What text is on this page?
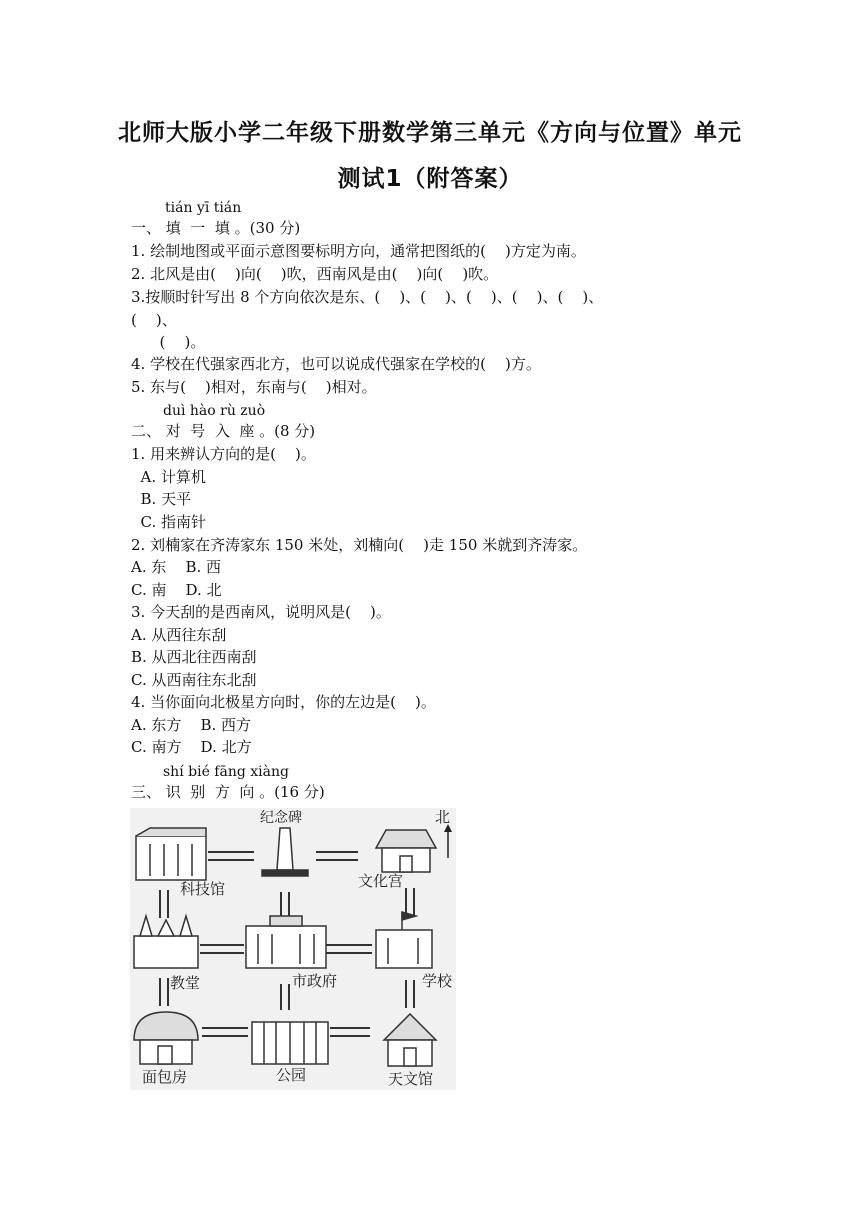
北师大版小学二年级下册数学第三单元《方向与位置》单元
测试1（附答案）
tián yī tián
一、 填  一  填 。(30 分)
1. 绘制地图或平面示意图要标明方向，通常把图纸的(    )方定为南。
2. 北风是由(    )向(    )吹，西南风是由(    )向(    )吹。
3.按顺时针写出 8 个方向依次是东、(    )、(    )、(    )、(    )、(    )、
(    )、
(    )。
4. 学校在代强家西北方，也可以说成代强家在学校的(    )方。
5. 东与(    )相对，东南与(    )相对。
duì hào rù zuò
二、 对  号  入  座 。(8 分)
1. 用来辨认方向的是(    )。
A. 计算机
B. 天平
C. 指南针
2. 刘楠家在齐涛家东 150 米处，刘楠向(    )走 150 米就到齐涛家。
A. 东    B. 西
C. 南    D. 北
3. 今天刮的是西南风，说明风是(    )。
A. 从西往东刮
B. 从西北往西南刮
C. 从西南往东北刮
4. 当你面向北极星方向时，你的左边是(    )。
A. 东方    B. 西方
C. 南方    D. 北方
shí bié fāng xiàng
三、 识  别  方  向 。(16 分)
北
科技馆
纪念碑
文化宫
教堂	市政府	学校
面包房	公园	天文馆
